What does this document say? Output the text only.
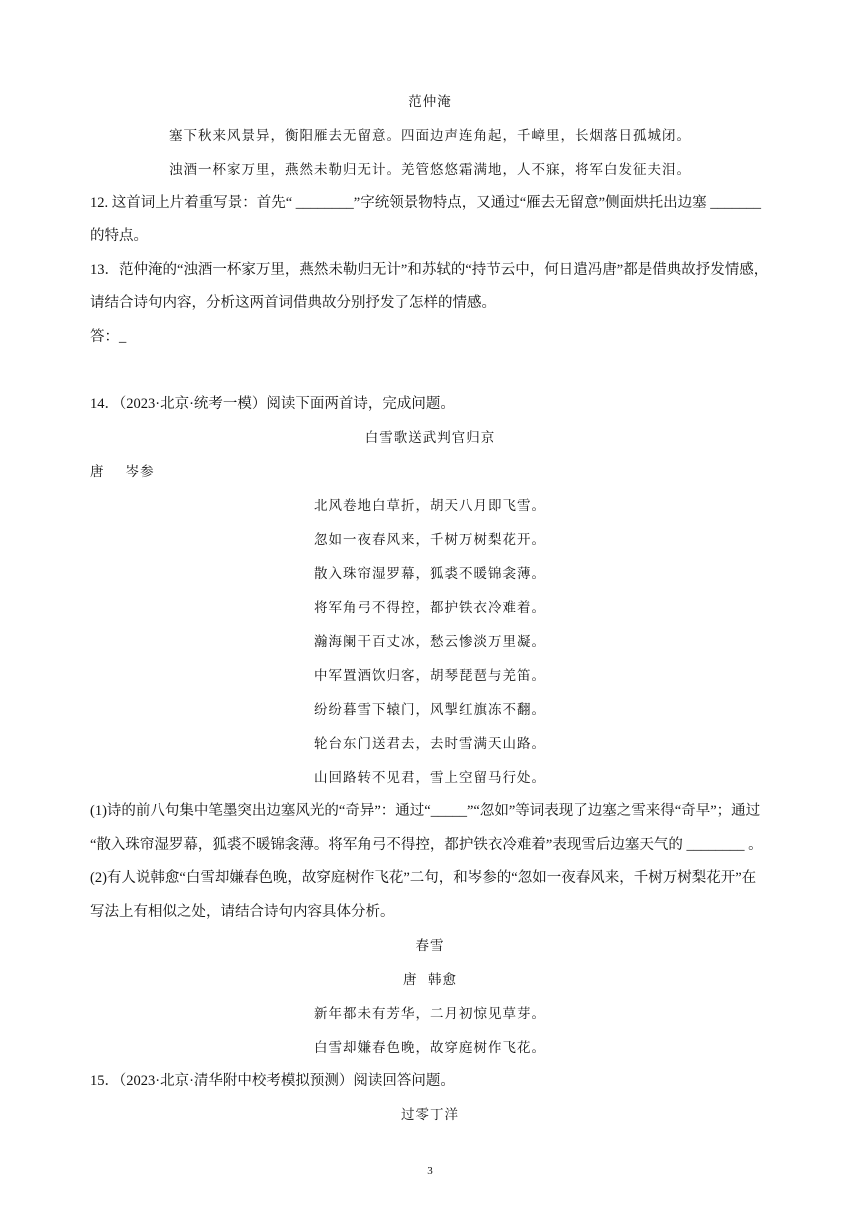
范仲淹
塞下秋来风景异，衡阳雁去无留意。四面边声连角起，千嶂里，长烟落日孤城闭。
浊酒一杯家万里，燕然未勒归无计。羌管悠悠霜满地，人不寐，将军白发征夫泪。
12. 这首词上片着重写景：首先“ ________”字统领景物特点，又通过“雁去无留意”侧面烘托出边塞 _______
的特点。
13．范仲淹的“浊酒一杯家万里，燕然未勒归无计”和苏轼的“持节云中，何日遣冯唐”都是借典故抒发情感，
请结合诗句内容，分析这两首词借典故分别抒发了怎样的情感。
答：_
14．（2023·北京·统考一模）阅读下面两首诗，完成问题。
白雪歌送武判官归京
唐    岑参
北风卷地白草折，胡天八月即飞雪。
忽如一夜春风来，千树万树梨花开。
散入珠帘湿罗幕，狐裘不暖锦衾薄。
将军角弓不得控，都护铁衣冷难着。
瀚海阑干百丈冰，愁云惨淡万里凝。
中军置酒饮归客，胡琴琵琶与羌笛。
纷纷暮雪下辕门，风掣红旗冻不翻。
轮台东门送君去，去时雪满天山路。
山回路转不见君，雪上空留马行处。
(1)诗的前八句集中笔墨突出边塞风光的“奇异”：通过“_____”“忽如”等词表现了边塞之雪来得“奇早”；通过
“散入珠帘湿罗幕，狐裘不暖锦衾薄。将军角弓不得控，都护铁衣冷难着”表现雪后边塞天气的 ________ 。
(2)有人说韩愈“白雪却嫌春色晚，故穿庭树作飞花”二句，和岑参的“忽如一夜春风来，千树万树梨花开”在
写法上有相似之处，请结合诗句内容具体分析。
春雪
唐  韩愈
新年都未有芳华，二月初惊见草芽。
白雪却嫌春色晚，故穿庭树作飞花。
15．（2023·北京·清华附中校考模拟预测）阅读回答问题。
过零丁洋
3
